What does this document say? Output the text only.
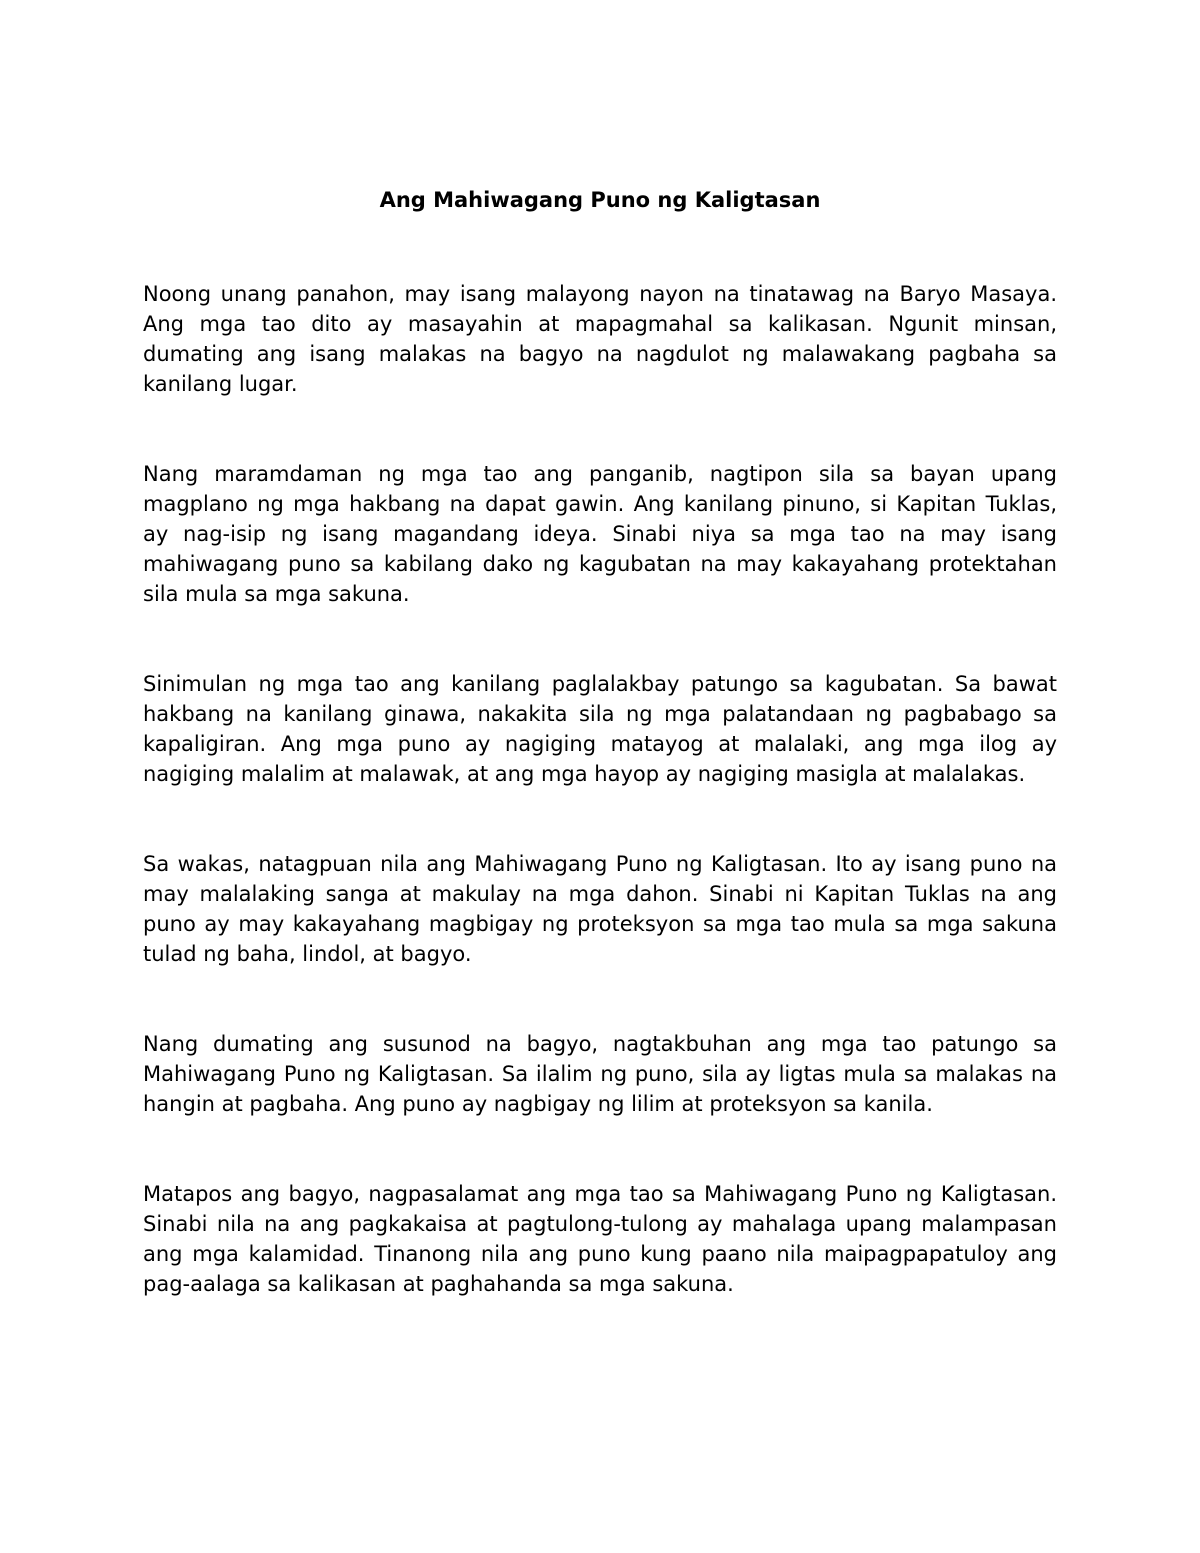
Ang Mahiwagang Puno ng Kaligtasan

Noong unang panahon, may isang malayong nayon na tinatawag na Baryo Masaya. Ang mga tao dito ay masayahin at mapagmahal sa kalikasan. Ngunit minsan, dumating ang isang malakas na bagyo na nagdulot ng malawakang pagbaha sa kanilang lugar.

Nang maramdaman ng mga tao ang panganib, nagtipon sila sa bayan upang magplano ng mga hakbang na dapat gawin. Ang kanilang pinuno, si Kapitan Tuklas, ay nag-isip ng isang magandang ideya. Sinabi niya sa mga tao na may isang mahiwagang puno sa kabilang dako ng kagubatan na may kakayahang protektahan sila mula sa mga sakuna.

Sinimulan ng mga tao ang kanilang paglalakbay patungo sa kagubatan. Sa bawat hakbang na kanilang ginawa, nakakita sila ng mga palatandaan ng pagbabago sa kapaligiran. Ang mga puno ay nagiging matayog at malalaki, ang mga ilog ay nagiging malalim at malawak, at ang mga hayop ay nagiging masigla at malalakas.

Sa wakas, natagpuan nila ang Mahiwagang Puno ng Kaligtasan. Ito ay isang puno na may malalaking sanga at makulay na mga dahon. Sinabi ni Kapitan Tuklas na ang puno ay may kakayahang magbigay ng proteksyon sa mga tao mula sa mga sakuna tulad ng baha, lindol, at bagyo.

Nang dumating ang susunod na bagyo, nagtakbuhan ang mga tao patungo sa Mahiwagang Puno ng Kaligtasan. Sa ilalim ng puno, sila ay ligtas mula sa malakas na hangin at pagbaha. Ang puno ay nagbigay ng lilim at proteksyon sa kanila.

Matapos ang bagyo, nagpasalamat ang mga tao sa Mahiwagang Puno ng Kaligtasan. Sinabi nila na ang pagkakaisa at pagtulong-tulong ay mahalaga upang malampasan ang mga kalamidad. Tinanong nila ang puno kung paano nila maipagpapatuloy ang pag-aalaga sa kalikasan at paghahanda sa mga sakuna.
